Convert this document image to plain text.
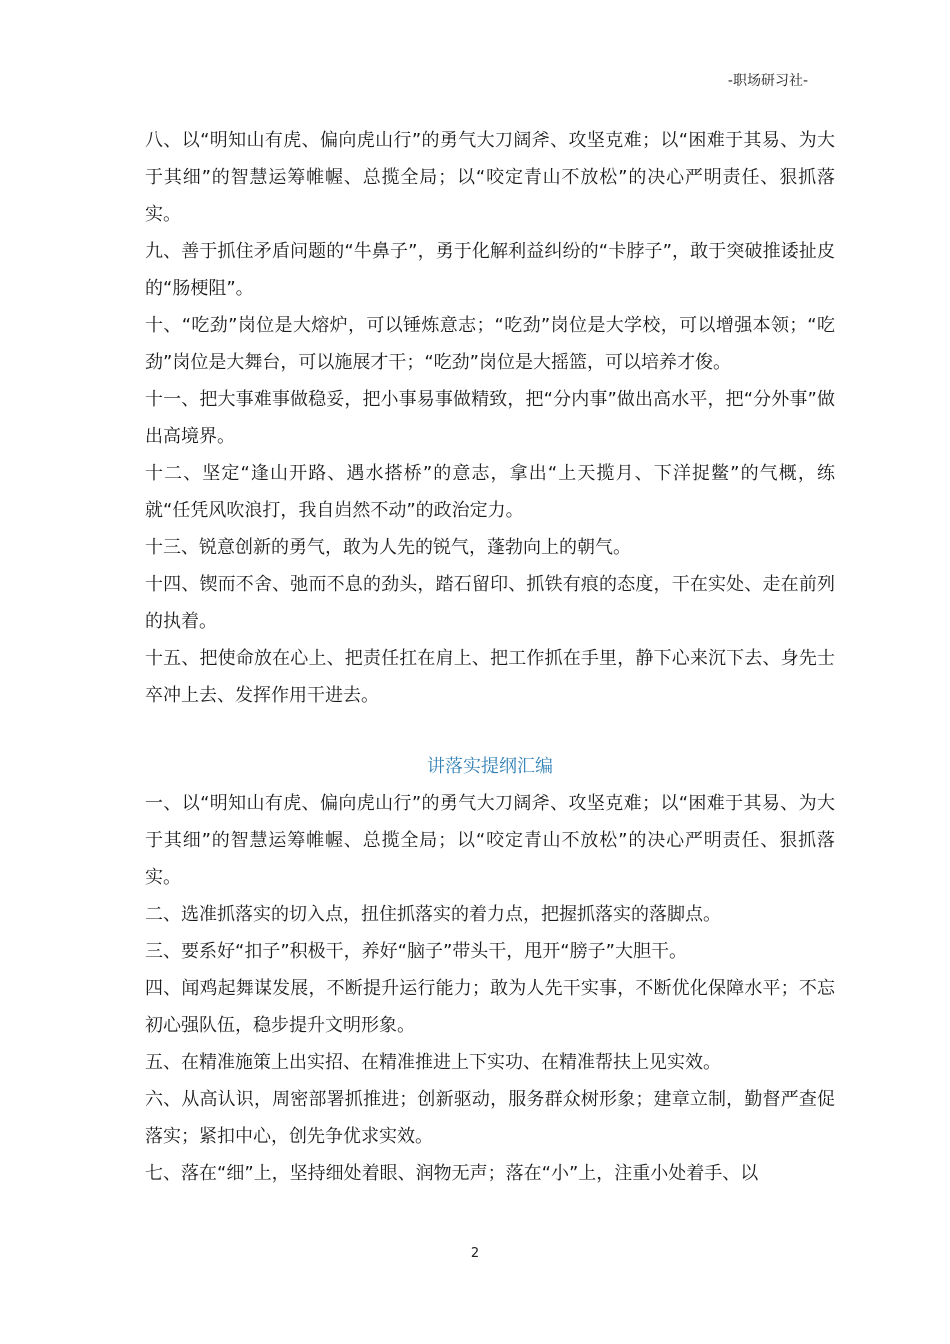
-职场研习社-

八、以“明知山有虎、偏向虎山行”的勇气大刀阔斧、攻坚克难；以“困难于其易、为大于其细”的智慧运筹帷幄、总揽全局；以“咬定青山不放松”的决心严明责任、狠抓落实。

九、善于抓住矛盾问题的“牛鼻子”，勇于化解利益纠纷的“卡脖子”，敢于突破推诿扯皮的“肠梗阻”。

十、“吃劲”岗位是大熔炉，可以锤炼意志；“吃劲”岗位是大学校，可以增强本领；“吃劲”岗位是大舞台，可以施展才干；“吃劲”岗位是大摇篮，可以培养才俊。

十一、把大事难事做稳妥，把小事易事做精致，把“分内事”做出高水平，把“分外事”做出高境界。

十二、坚定“逢山开路、遇水搭桥”的意志，拿出“上天揽月、下洋捉鳖”的气概，练就“任凭风吹浪打，我自岿然不动”的政治定力。

十三、锐意创新的勇气，敢为人先的锐气，蓬勃向上的朝气。

十四、锲而不舍、弛而不息的劲头，踏石留印、抓铁有痕的态度，干在实处、走在前列的执着。

十五、把使命放在心上、把责任扛在肩上、把工作抓在手里，静下心来沉下去、身先士卒冲上去、发挥作用干进去。

讲落实提纲汇编

一、以“明知山有虎、偏向虎山行”的勇气大刀阔斧、攻坚克难；以“困难于其易、为大于其细”的智慧运筹帷幄、总揽全局；以“咬定青山不放松”的决心严明责任、狠抓落实。

二、选准抓落实的切入点，扭住抓落实的着力点，把握抓落实的落脚点。

三、要系好“扣子”积极干，养好“脑子”带头干，甩开“膀子”大胆干。

四、闻鸡起舞谋发展，不断提升运行能力；敢为人先干实事，不断优化保障水平；不忘初心强队伍，稳步提升文明形象。

五、在精准施策上出实招、在精准推进上下实功、在精准帮扶上见实效。

六、从高认识，周密部署抓推进；创新驱动，服务群众树形象；建章立制，勤督严查促落实；紧扣中心，创先争优求实效。

七、落在“细”上，坚持细处着眼、润物无声；落在“小”上，注重小处着手、以

2
